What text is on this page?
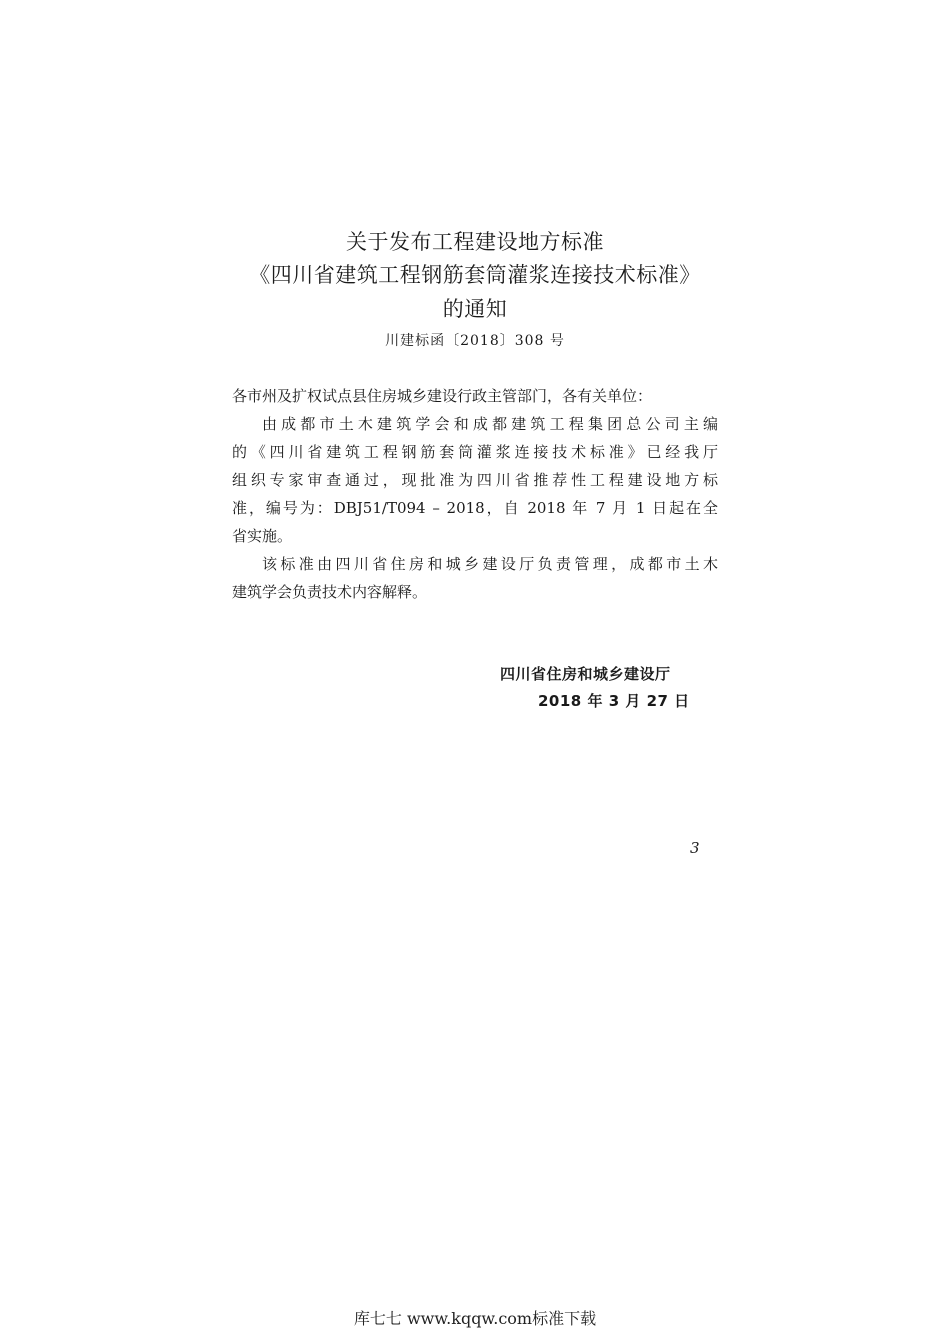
关于发布工程建设地方标准
《四川省建筑工程钢筋套筒灌浆连接技术标准》
的通知
川建标函〔2018〕308 号
各市州及扩权试点县住房城乡建设行政主管部门，各有关单位：
由成都市土木建筑学会和成都建筑工程集团总公司主编
的《四川省建筑工程钢筋套筒灌浆连接技术标准》已经我厅
组织专家审查通过，现批准为四川省推荐性工程建设地方标
准，编号为：DBJ51/T094 – 2018，自 2018 年 7 月 1 日起在全
省实施。
该标准由四川省住房和城乡建设厅负责管理，成都市土木
建筑学会负责技术内容解释。
四川省住房和城乡建设厅
2018 年 3 月 27 日
3
库七七 www.kqqw.com标准下载
